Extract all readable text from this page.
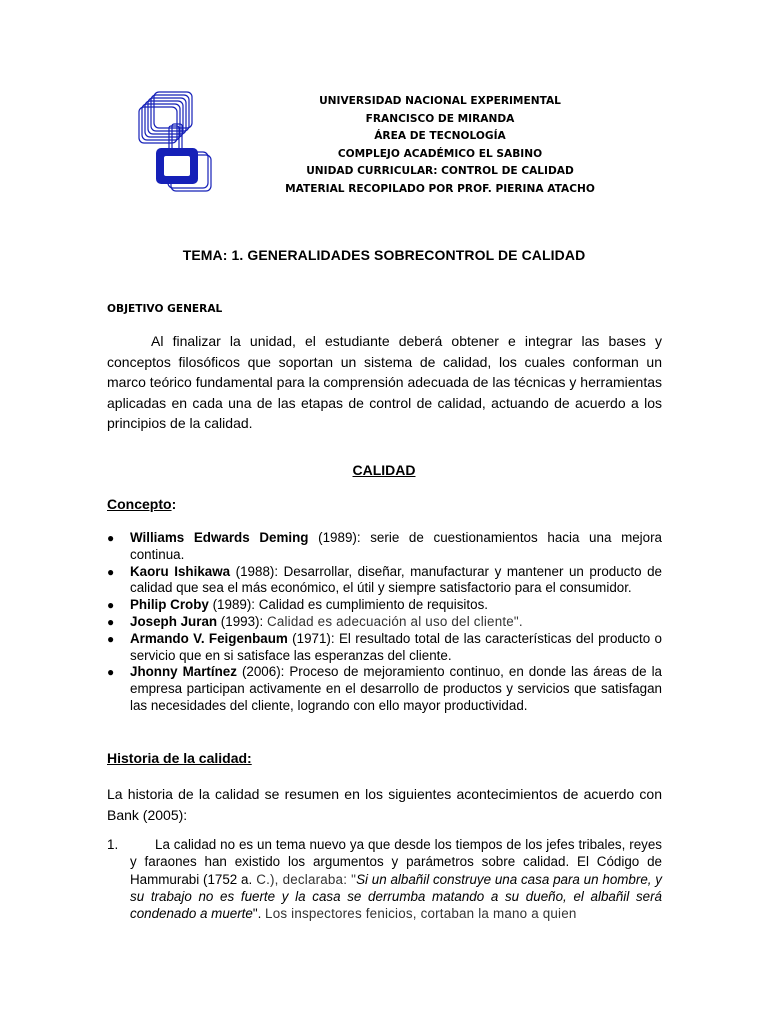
UNIVERSIDAD NACIONAL EXPERIMENTAL
FRANCISCO DE MIRANDA
ÁREA DE TECNOLOGÍA
COMPLEJO ACADÉMICO EL SABINO
UNIDAD CURRICULAR: CONTROL DE CALIDAD
MATERIAL RECOPILADO POR PROF. PIERINA ATACHO
TEMA: 1. GENERALIDADES SOBRECONTROL DE CALIDAD
OBJETIVO GENERAL
Al finalizar la unidad, el estudiante deberá obtener e integrar las bases y conceptos filosóficos que soportan un sistema de calidad, los cuales conforman un marco teórico fundamental para la comprensión adecuada de las técnicas y herramientas aplicadas en cada una de las etapas de control de calidad, actuando de acuerdo a los principios de la calidad.
CALIDAD
Concepto:
● Williams Edwards Deming (1989): serie de cuestionamientos hacia una mejora continua.
● Kaoru Ishikawa (1988): Desarrollar, diseñar, manufacturar y mantener un producto de calidad que sea el más económico, el útil y siempre satisfactorio para el consumidor.
● Philip Croby (1989): Calidad es cumplimiento de requisitos.
● Joseph Juran (1993): Calidad es adecuación al uso del cliente".
● Armando V. Feigenbaum (1971): El resultado total de las características del producto o servicio que en si satisface las esperanzas del cliente.
● Jhonny Martínez (2006): Proceso de mejoramiento continuo, en donde las áreas de la empresa participan activamente en el desarrollo de productos y servicios que satisfagan las necesidades del cliente, logrando con ello mayor productividad.
Historia de la calidad:
La historia de la calidad se resumen en los siguientes acontecimientos de acuerdo con Bank (2005):
1.	La calidad no es un tema nuevo ya que desde los tiempos de los jefes tribales, reyes y faraones han existido los argumentos y parámetros sobre calidad. El Código de Hammurabi (1752 a. C.), declaraba: "Si un albañil construye una casa para un hombre, y su trabajo no es fuerte y la casa se derrumba matando a su dueño, el albañil será condenado a muerte". Los inspectores fenicios, cortaban la mano a quien
